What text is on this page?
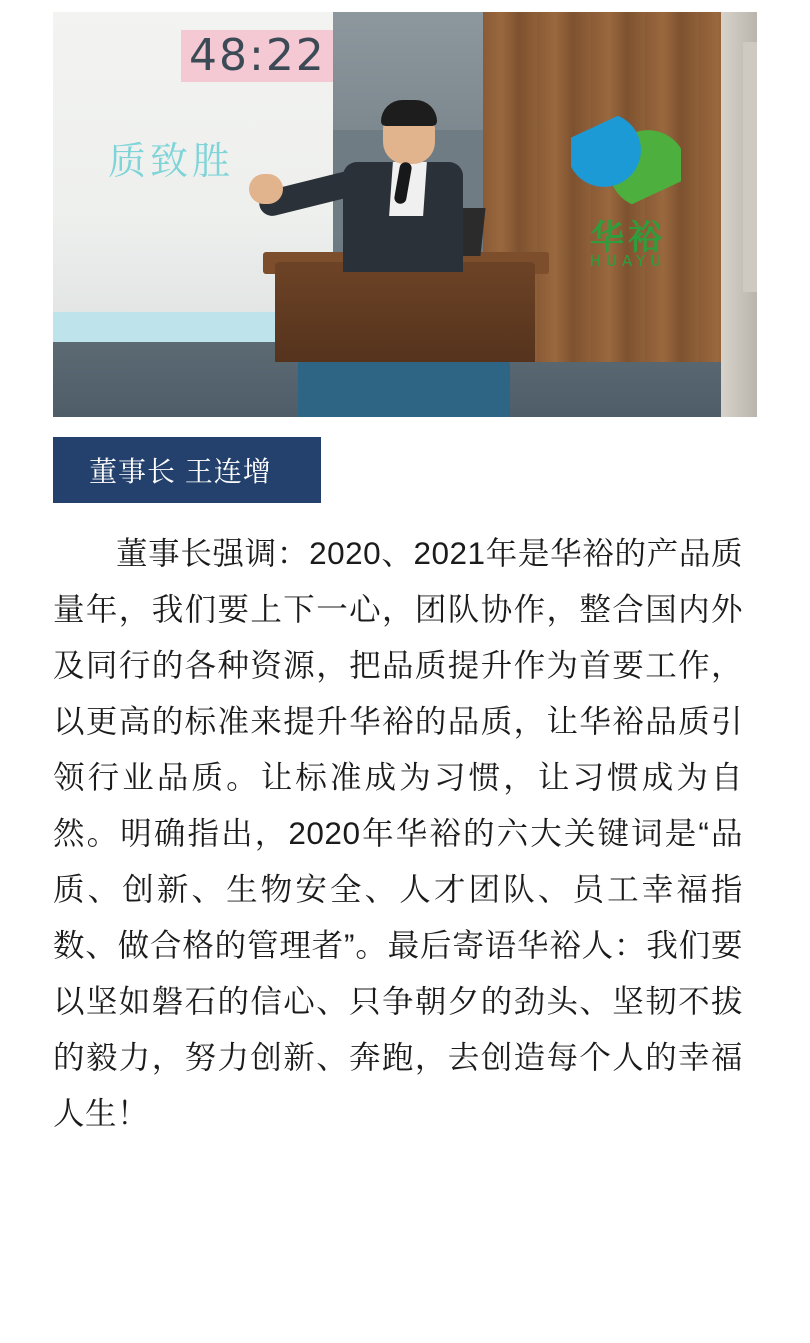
48:22
质致胜
华裕
HUAYU
董事长 王连增

董事长强调：2020、2021年是华裕的产品质量年，我们要上下一心，团队协作，整合国内外及同行的各种资源，把品质提升作为首要工作，以更高的标准来提升华裕的品质，让华裕品质引领行业品质。让标准成为习惯，让习惯成为自然。明确指出，2020年华裕的六大关键词是“品质、创新、生物安全、人才团队、员工幸福指数、做合格的管理者”。最后寄语华裕人：我们要以坚如磐石的信心、只争朝夕的劲头、坚韧不拔的毅力，努力创新、奔跑，去创造每个人的幸福人生！
